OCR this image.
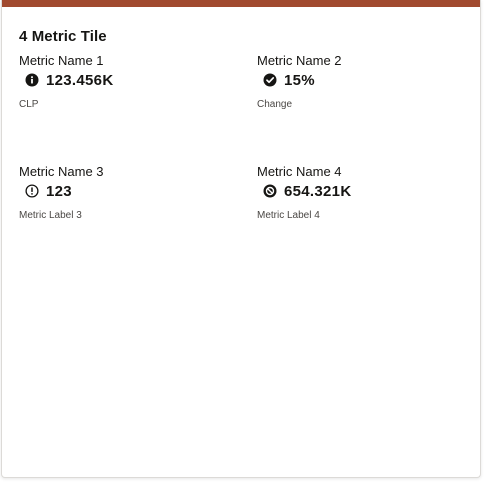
4 Metric Tile
Metric Name 1
123.456K
CLP
Metric Name 2
15%
Change
Metric Name 3
123
Metric Label 3
Metric Name 4
654.321K
Metric Label 4
